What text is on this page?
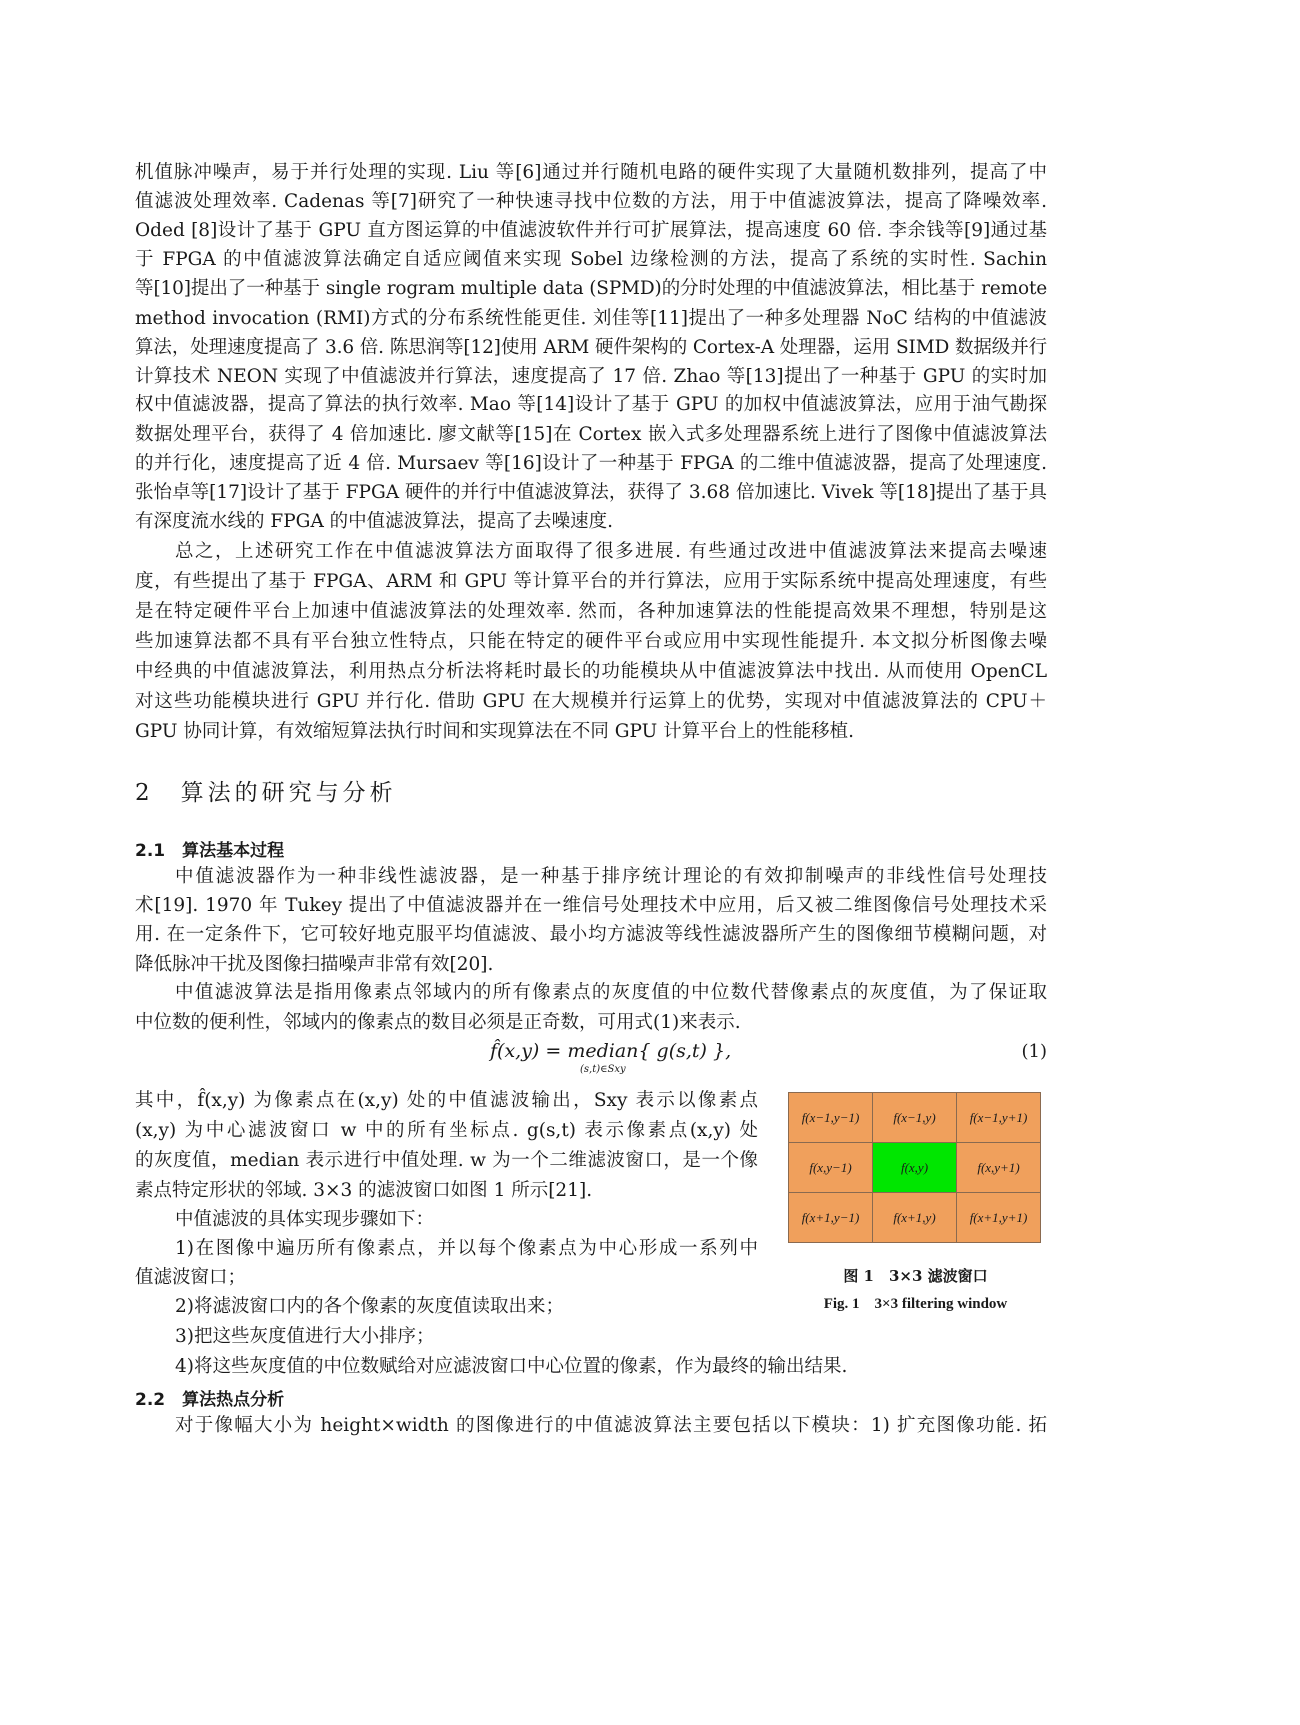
2　算法的研究与分析
2.1　算法基本过程
2.2　算法热点分析
f̂(x,y) = median{ g(s,t) },
(s,t)∈Sxy
(1)
f(x−1,y−1)	f(x−1,y)	f(x−1,y+1)
f(x,y−1)	f(x,y)	f(x,y+1)
f(x+1,y−1)	f(x+1,y)	f(x+1,y+1)
图 1　3×3 滤波窗口
Fig. 1　3×3 filtering window
机值脉冲噪声，易于并行处理的实现. Liu 等[6]通过并行随机电路的硬件实现了大量随机数排列，提高了中
值滤波处理效率. Cadenas 等[7]研究了一种快速寻找中位数的方法，用于中值滤波算法，提高了降噪效率.
Oded [8]设计了基于 GPU 直方图运算的中值滤波软件并行可扩展算法，提高速度 60 倍. 李余钱等[9]通过基
于 FPGA 的中值滤波算法确定自适应阈值来实现 Sobel 边缘检测的方法，提高了系统的实时性. Sachin
等[10]提出了一种基于 single rogram multiple data (SPMD)的分时处理的中值滤波算法，相比基于 remote
method invocation (RMI)方式的分布系统性能更佳. 刘佳等[11]提出了一种多处理器 NoC 结构的中值滤波
算法，处理速度提高了 3.6 倍. 陈思润等[12]使用 ARM 硬件架构的 Cortex-A 处理器，运用 SIMD 数据级并行
计算技术 NEON 实现了中值滤波并行算法，速度提高了 17 倍. Zhao 等[13]提出了一种基于 GPU 的实时加
权中值滤波器，提高了算法的执行效率. Mao 等[14]设计了基于 GPU 的加权中值滤波算法，应用于油气勘探
数据处理平台，获得了 4 倍加速比. 廖文献等[15]在 Cortex 嵌入式多处理器系统上进行了图像中值滤波算法
的并行化，速度提高了近 4 倍. Mursaev 等[16]设计了一种基于 FPGA 的二维中值滤波器，提高了处理速度.
张怡卓等[17]设计了基于 FPGA 硬件的并行中值滤波算法，获得了 3.68 倍加速比. Vivek 等[18]提出了基于具
有深度流水线的 FPGA 的中值滤波算法，提高了去噪速度.
总之，上述研究工作在中值滤波算法方面取得了很多进展. 有些通过改进中值滤波算法来提高去噪速
度，有些提出了基于 FPGA、ARM 和 GPU 等计算平台的并行算法，应用于实际系统中提高处理速度，有些
是在特定硬件平台上加速中值滤波算法的处理效率. 然而，各种加速算法的性能提高效果不理想，特别是这
些加速算法都不具有平台独立性特点，只能在特定的硬件平台或应用中实现性能提升. 本文拟分析图像去噪
中经典的中值滤波算法，利用热点分析法将耗时最长的功能模块从中值滤波算法中找出. 从而使用 OpenCL
对这些功能模块进行 GPU 并行化. 借助 GPU 在大规模并行运算上的优势，实现对中值滤波算法的 CPU＋
GPU 协同计算，有效缩短算法执行时间和实现算法在不同 GPU 计算平台上的性能移植.
中值滤波器作为一种非线性滤波器，是一种基于排序统计理论的有效抑制噪声的非线性信号处理技
术[19]. 1970 年 Tukey 提出了中值滤波器并在一维信号处理技术中应用，后又被二维图像信号处理技术采
用. 在一定条件下，它可较好地克服平均值滤波、最小均方滤波等线性滤波器所产生的图像细节模糊问题，对
降低脉冲干扰及图像扫描噪声非常有效[20].
中值滤波算法是指用像素点邻域内的所有像素点的灰度值的中位数代替像素点的灰度值，为了保证取
中位数的便利性，邻域内的像素点的数目必须是正奇数，可用式(1)来表示.
其中，f̂(x,y) 为像素点在(x,y) 处的中值滤波输出，Sxy 表示以像素点
(x,y) 为中心滤波窗口 w 中的所有坐标点. g(s,t) 表示像素点(x,y) 处
的灰度值，median 表示进行中值处理. w 为一个二维滤波窗口，是一个像
素点特定形状的邻域. 3×3 的滤波窗口如图 1 所示[21].
中值滤波的具体实现步骤如下：
1)在图像中遍历所有像素点，并以每个像素点为中心形成一系列中
值滤波窗口；
2)将滤波窗口内的各个像素的灰度值读取出来；
3)把这些灰度值进行大小排序；
4)将这些灰度值的中位数赋给对应滤波窗口中心位置的像素，作为最终的输出结果.
对于像幅大小为 height×width 的图像进行的中值滤波算法主要包括以下模块：1) 扩充图像功能. 拓
